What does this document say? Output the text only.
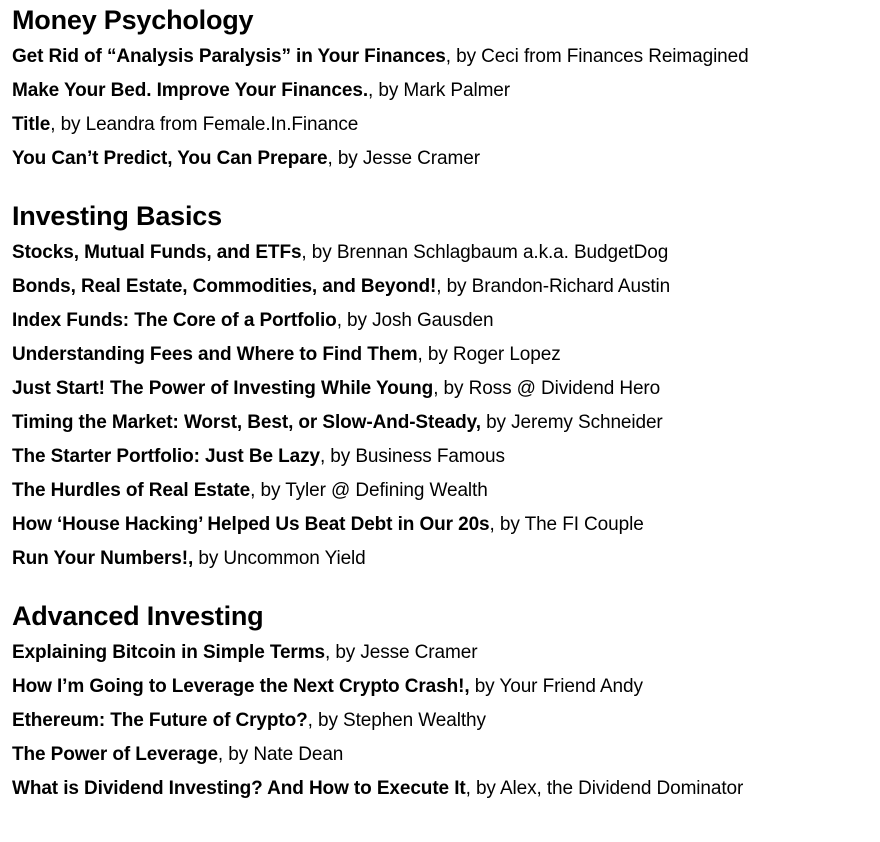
Money Psychology
Get Rid of “Analysis Paralysis” in Your Finances, by Ceci from Finances Reimagined
Make Your Bed. Improve Your Finances., by Mark Palmer
Title, by Leandra from Female.In.Finance
You Can’t Predict, You Can Prepare, by Jesse Cramer
Investing Basics
Stocks, Mutual Funds, and ETFs, by Brennan Schlagbaum a.k.a. BudgetDog
Bonds, Real Estate, Commodities, and Beyond!, by Brandon-Richard Austin
Index Funds: The Core of a Portfolio, by Josh Gausden
Understanding Fees and Where to Find Them, by Roger Lopez
Just Start! The Power of Investing While Young, by Ross @ Dividend Hero
Timing the Market: Worst, Best, or Slow-And-Steady, by Jeremy Schneider
The Starter Portfolio: Just Be Lazy, by Business Famous
The Hurdles of Real Estate, by Tyler @ Defining Wealth
How ‘House Hacking’ Helped Us Beat Debt in Our 20s, by The FI Couple
Run Your Numbers!, by Uncommon Yield
Advanced Investing
Explaining Bitcoin in Simple Terms, by Jesse Cramer
How I’m Going to Leverage the Next Crypto Crash!, by Your Friend Andy
Ethereum: The Future of Crypto?, by Stephen Wealthy
The Power of Leverage, by Nate Dean
What is Dividend Investing? And How to Execute It, by Alex, the Dividend Dominator
